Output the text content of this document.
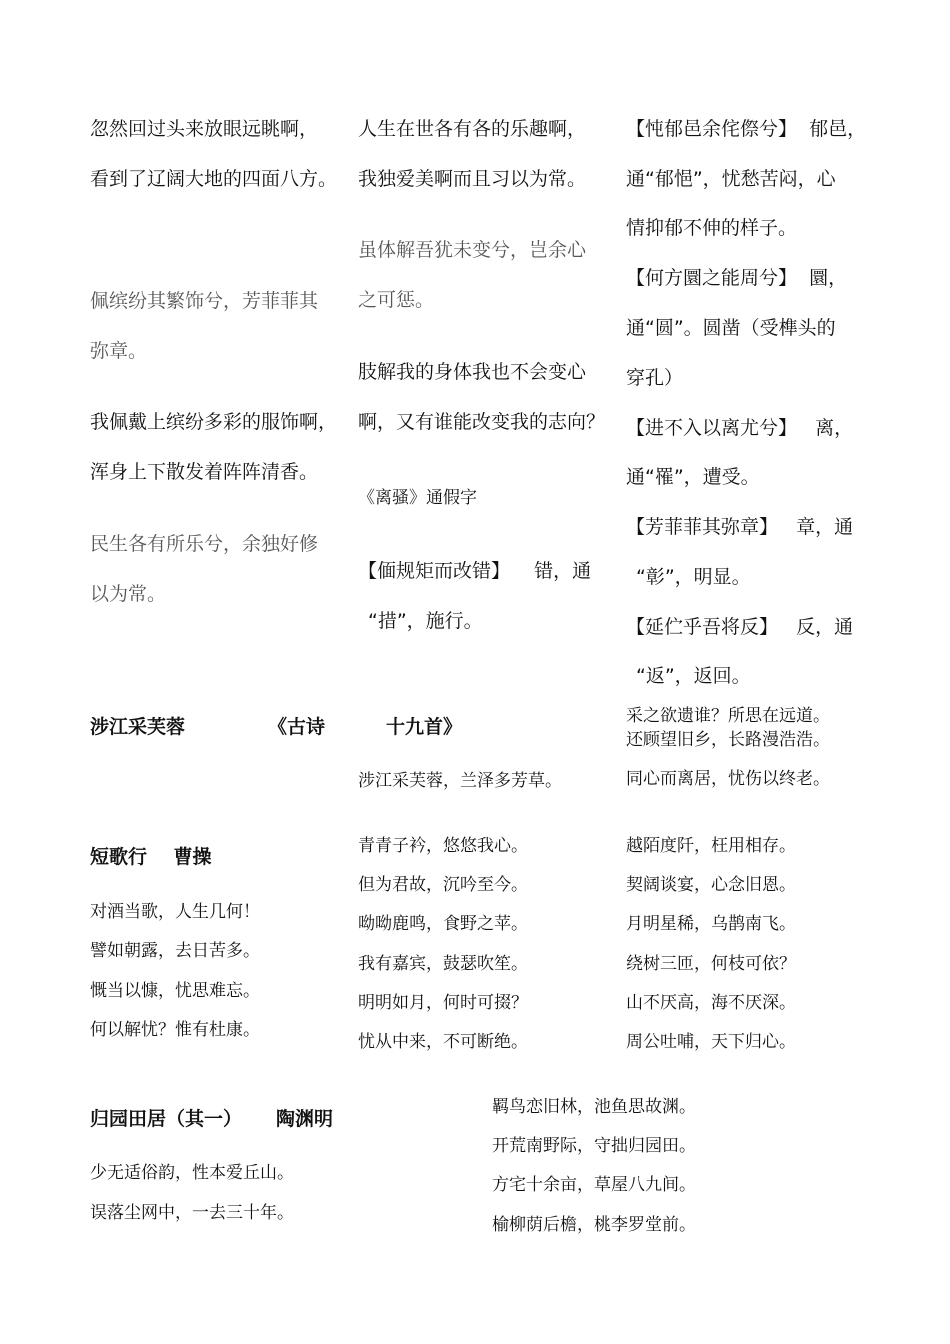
忽然回过头来放眼远眺啊，
看到了辽阔大地的四面八方。
佩缤纷其繁饰兮，芳菲菲其
弥章。
我佩戴上缤纷多彩的服饰啊，
浑身上下散发着阵阵清香。
民生各有所乐兮，余独好修
以为常。
人生在世各有各的乐趣啊，
我独爱美啊而且习以为常。
虽体解吾犹未变兮，岂余心
之可惩。
肢解我的身体我也不会变心
啊，又有谁能改变我的志向？
《离骚》通假字
【偭规矩而改错】    错，通
“措”，施行。
【忳郁邑余侘傺兮】  郁邑，
通“郁悒”，忧愁苦闷，心
情抑郁不伸的样子。
【何方圜之能周兮】  圜，
通“圆”。圆凿（受榫头的
穿孔）
【进不入以离尤兮】   离，
通“罹”，遭受。
【芳菲菲其弥章】   章，通
“彰”，明显。
【延伫乎吾将反】   反，通
“返”，返回。
涉江采芙蓉	《古诗	十九首》
涉江采芙蓉，兰泽多芳草。
采之欲遗谁？所思在远道。
还顾望旧乡，长路漫浩浩。
同心而离居，忧伤以终老。
短歌行    曹操
对酒当歌，人生几何！
譬如朝露，去日苦多。
慨当以慷，忧思难忘。
何以解忧？惟有杜康。
青青子衿，悠悠我心。
但为君故，沉吟至今。
呦呦鹿鸣，食野之苹。
我有嘉宾，鼓瑟吹笙。
明明如月，何时可掇？
忧从中来，不可断绝。
越陌度阡，枉用相存。
契阔谈宴，心念旧恩。
月明星稀，乌鹊南飞。
绕树三匝，何枝可依？
山不厌高，海不厌深。
周公吐哺，天下归心。
归园田居（其一） 陶渊明
少无适俗韵，性本爱丘山。
误落尘网中，一去三十年。
羁鸟恋旧林，池鱼思故渊。
开荒南野际，守拙归园田。
方宅十余亩，草屋八九间。
榆柳荫后檐，桃李罗堂前。
